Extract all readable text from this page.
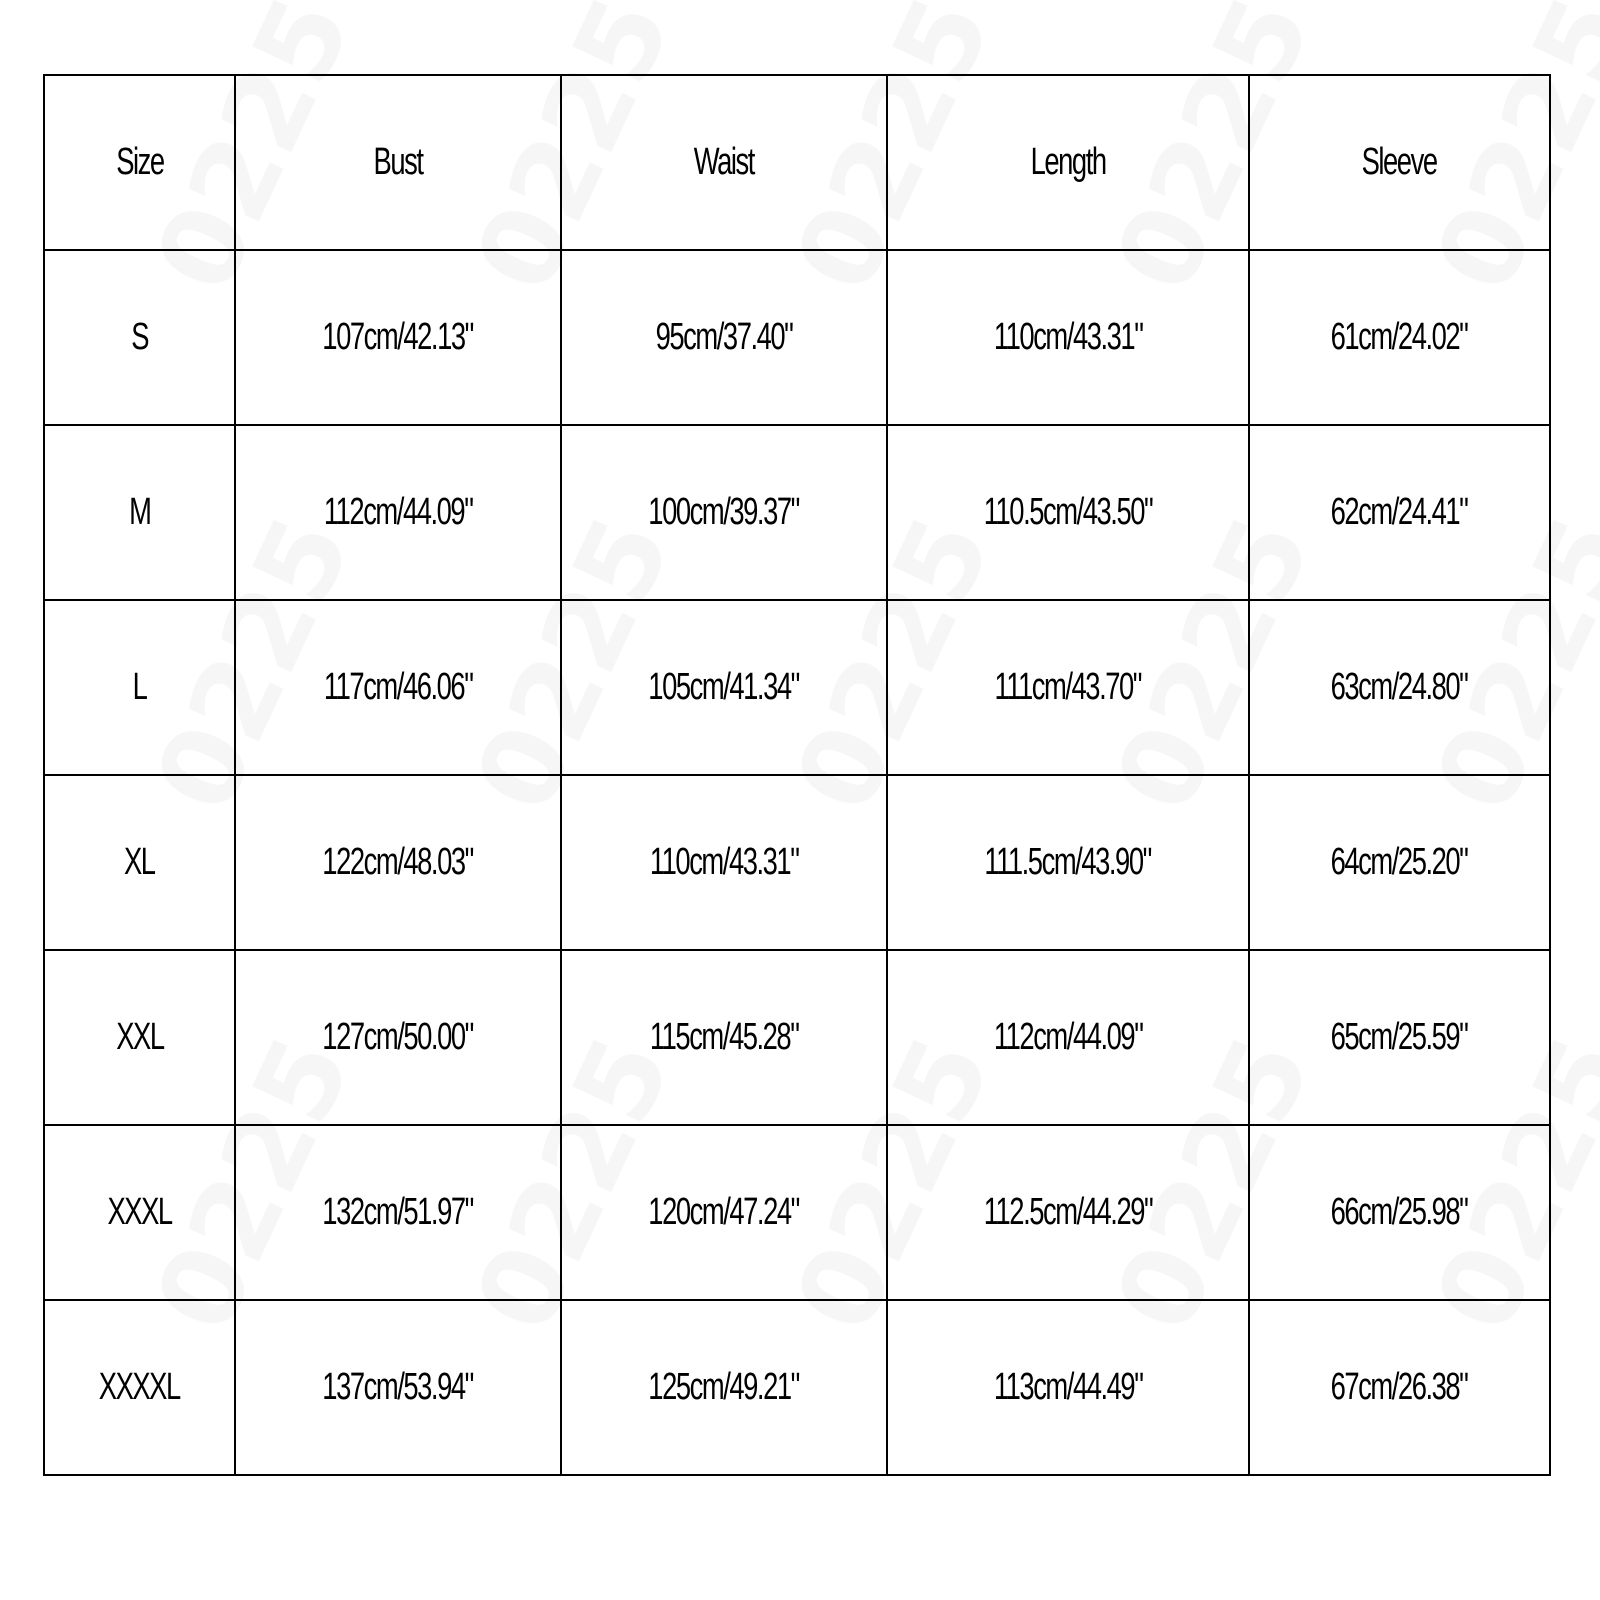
Size	Bust	Waist	Length	Sleeve
S	107cm/42.13"	95cm/37.40"	110cm/43.31"	61cm/24.02"
M	112cm/44.09"	100cm/39.37"	110.5cm/43.50"	62cm/24.41"
L	117cm/46.06"	105cm/41.34"	111cm/43.70"	63cm/24.80"
XL	122cm/48.03"	110cm/43.31"	111.5cm/43.90"	64cm/25.20"
XXL	127cm/50.00"	115cm/45.28"	112cm/44.09"	65cm/25.59"
XXXL	132cm/51.97"	120cm/47.24"	112.5cm/44.29"	66cm/25.98"
XXXXL	137cm/53.94"	125cm/49.21"	113cm/44.49"	67cm/26.38"
